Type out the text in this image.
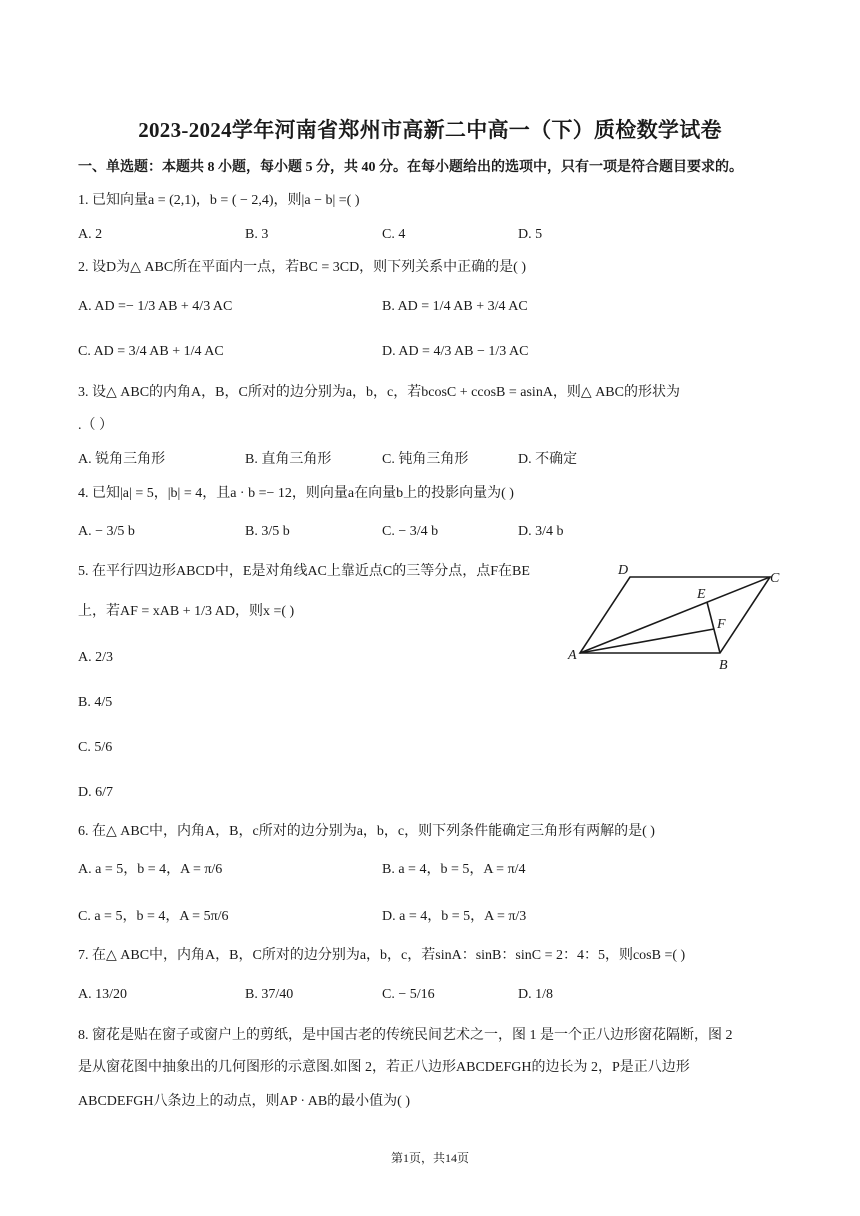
2023-2024学年河南省郑州市高新二中高一（下）质检数学试卷
一、单选题：本题共 8 小题，每小题 5 分，共 40 分。在每小题给出的选项中，只有一项是符合题目要求的。
1. 已知向量a = (2,1)，b = ( − 2,4)，则|a − b| =( )
A. 2	B. 3	C. 4	D. 5
2. 设D为△ ABC所在平面内一点，若BC = 3CD，则下列关系中正确的是( )
A. AD =− 1/3 AB + 4/3 AC	B. AD = 1/4 AB + 3/4 AC
C. AD = 3/4 AB + 1/4 AC	D. AD = 4/3 AB − 1/3 AC
3. 设△ ABC的内角A，B，C所对的边分别为a，b，c，若bcosC + ccosB = asinA，则△ ABC的形状为
.（ ）
A. 锐角三角形	B. 直角三角形	C. 钝角三角形	D. 不确定
4. 已知|a| = 5，|b| = 4，且a · b =− 12，则向量a在向量b上的投影向量为( )
A. − 3/5 b	B. 3/5 b	C. − 3/4 b	D. 3/4 b
5. 在平行四边形ABCD中，E是对角线AC上靠近点C的三等分点，点F在BE
上，若AF = xAB + 1/3 AD，则x =( )
A. 2/3
B. 4/5
C. 5/6
D. 6/7
D
C
E
F
A
B
6. 在△ ABC中，内角A，B，c所对的边分别为a，b，c，则下列条件能确定三角形有两解的是( )
A. a = 5，b = 4，A = π/6	B. a = 4，b = 5，A = π/4
C. a = 5，b = 4，A = 5π/6	D. a = 4，b = 5，A = π/3
7. 在△ ABC中，内角A，B，C所对的边分别为a，b，c，若sinA：sinB：sinC = 2：4：5，则cosB =( )
A. 13/20	B. 37/40	C. − 5/16	D. 1/8
8. 窗花是贴在窗子或窗户上的剪纸，是中国古老的传统民间艺术之一，图 1 是一个正八边形窗花隔断，图 2
是从窗花图中抽象出的几何图形的示意图.如图 2，若正八边形ABCDEFGH的边长为 2，P是正八边形
ABCDEFGH八条边上的动点，则AP · AB的最小值为( )
第1页，共14页
